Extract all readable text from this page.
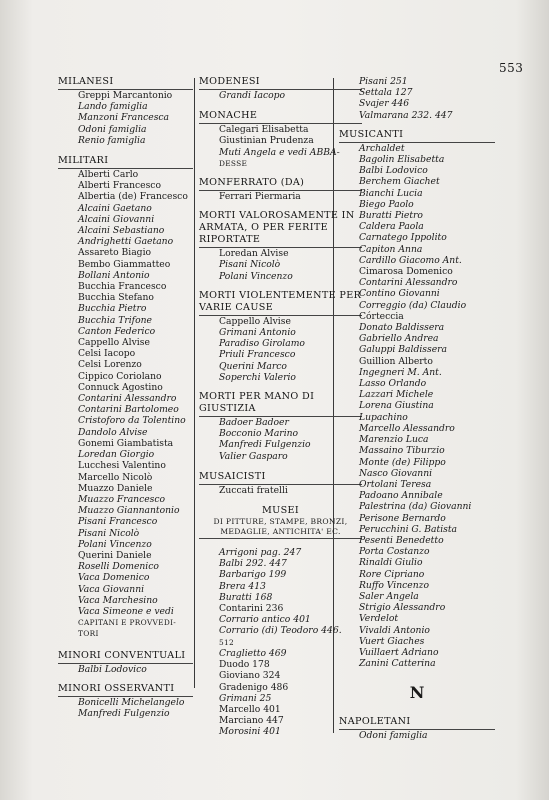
553
MILANESI
Greppi Marcantonio
Lando famiglia
Manzoni Francesca
Odoni famiglia
Renio famiglia
MILITARI
Alberti Carlo
Alberti Francesco
Albertia (de) Francesco
Alcaini Gaetano
Alcaini Giovanni
Alcaini Sebastiano
Andrighetti Gaetano
Assareto Biagio
Bembo Giammatteo
Bollani Antonio
Bucchia Francesco
Bucchia Stefano
Bucchia Pietro
Bucchia Trifone
Canton Federico
Cappello Alvise
Celsi Iacopo
Celsi Lorenzo
Cippico Coriolano
Connuck Agostino
Contarini Alessandro
Contarini Bartolomeo
Cristoforo da Tolentino
Dandolo Alvise
Gonemi Giambatista
Loredan Giorgio
Lucchesi Valentino
Marcello Nicolò
Muazzo Daniele
Muazzo Francesco
Muazzo Giannantonio
Pisani Francesco
Pisani Nicolò
Polani Vincenzo
Querini Daniele
Roselli Domenico
Vaca Domenico
Vaca Giovanni
Vaca Marchesino
Vaca Simeone e vedi
CAPITANI E PROVVEDI-
TORI
MINORI CONVENTUALI
Balbi Lodovico
MINORI OSSERVANTI
Bonicelli Michelangelo
Manfredi Fulgenzio
MODENESI
Grandi Iacopo
MONACHE
Calegari Elisabetta
Giustinian Prudenza
Muti Angela e vedi ABBA-
DESSE
MONFERRATO (DA)
Ferrari Piermaria
MORTI VALOROSAMENTE IN ARMATA, O PER FERITE RIPORTATE
Loredan Alvise
Pisani Nicolò
Polani Vincenzo
MORTI VIOLENTEMENTE PER VARIE CAUSE
Cappello Alvise
Grimani Antonio
Paradiso Girolamo
Priuli Francesco
Querini Marco
Soperchi Valerio
MORTI PER MANO DI GIUSTIZIA
Badoer Badoer
Bocconio Marino
Manfredi Fulgenzio
Valier Gasparo
MUSAICISTI
Zuccati fratelli
MUSEI
DI PITTURE, STAMPE, BRONZI, MEDAGLIE, ANTICHITA' EC.
Arrigoni pag. 247
Balbi 292. 447
Barbarigo 199
Brera 413
Buratti 168
Contarini 236
Corrario antico 401
Corrario (di) Teodoro 446.
512
Craglietto 469
Duodo 178
Gioviano 324
Gradenigo 486
Grimani 25
Marcello 401
Marciano 447
Morosini 401
Pisani 251
Settala 127
Svajer 446
Valmarana 232. 447
MUSICANTI
Archaldet
Bagolin Elisabetta
Balbi Lodovico
Berchem Giachet
Bianchi Lucia
Biego Paolo
Buratti Pietro
Caldera Paola
Carnatego Ippolito
Capiton Anna
Cardillo Giacomo Ant.
Cimarosa Domenico
Contarini Alessandro
Contino Giovanni
Correggio (da) Claudio
Córteccia
Donato Baldissera
Gabriello Andrea
Galuppi Baldissera
Guillion Alberto
Ingegneri M. Ant.
Lasso Orlando
Lazzari Michele
Lorena Giustina
Lupachino
Marcello Alessandro
Marenzio Luca
Massaino Tiburzio
Monte (de) Filippo
Nasco Giovanni
Ortolani Teresa
Padoano Annibale
Palestrina (da) Giovanni
Perisone Bernardo
Perucchini G. Batista
Pesenti Benedetto
Porta Costanzo
Rinaldi Giulio
Rore Cipriano
Ruffo Vincenzo
Saler Angela
Strigio Alessandro
Verdelot
Vivaldi Antonio
Vuert Giaches
Vuillaert Adriano
Zanini Catterina
N
NAPOLETANI
Odoni famiglia
